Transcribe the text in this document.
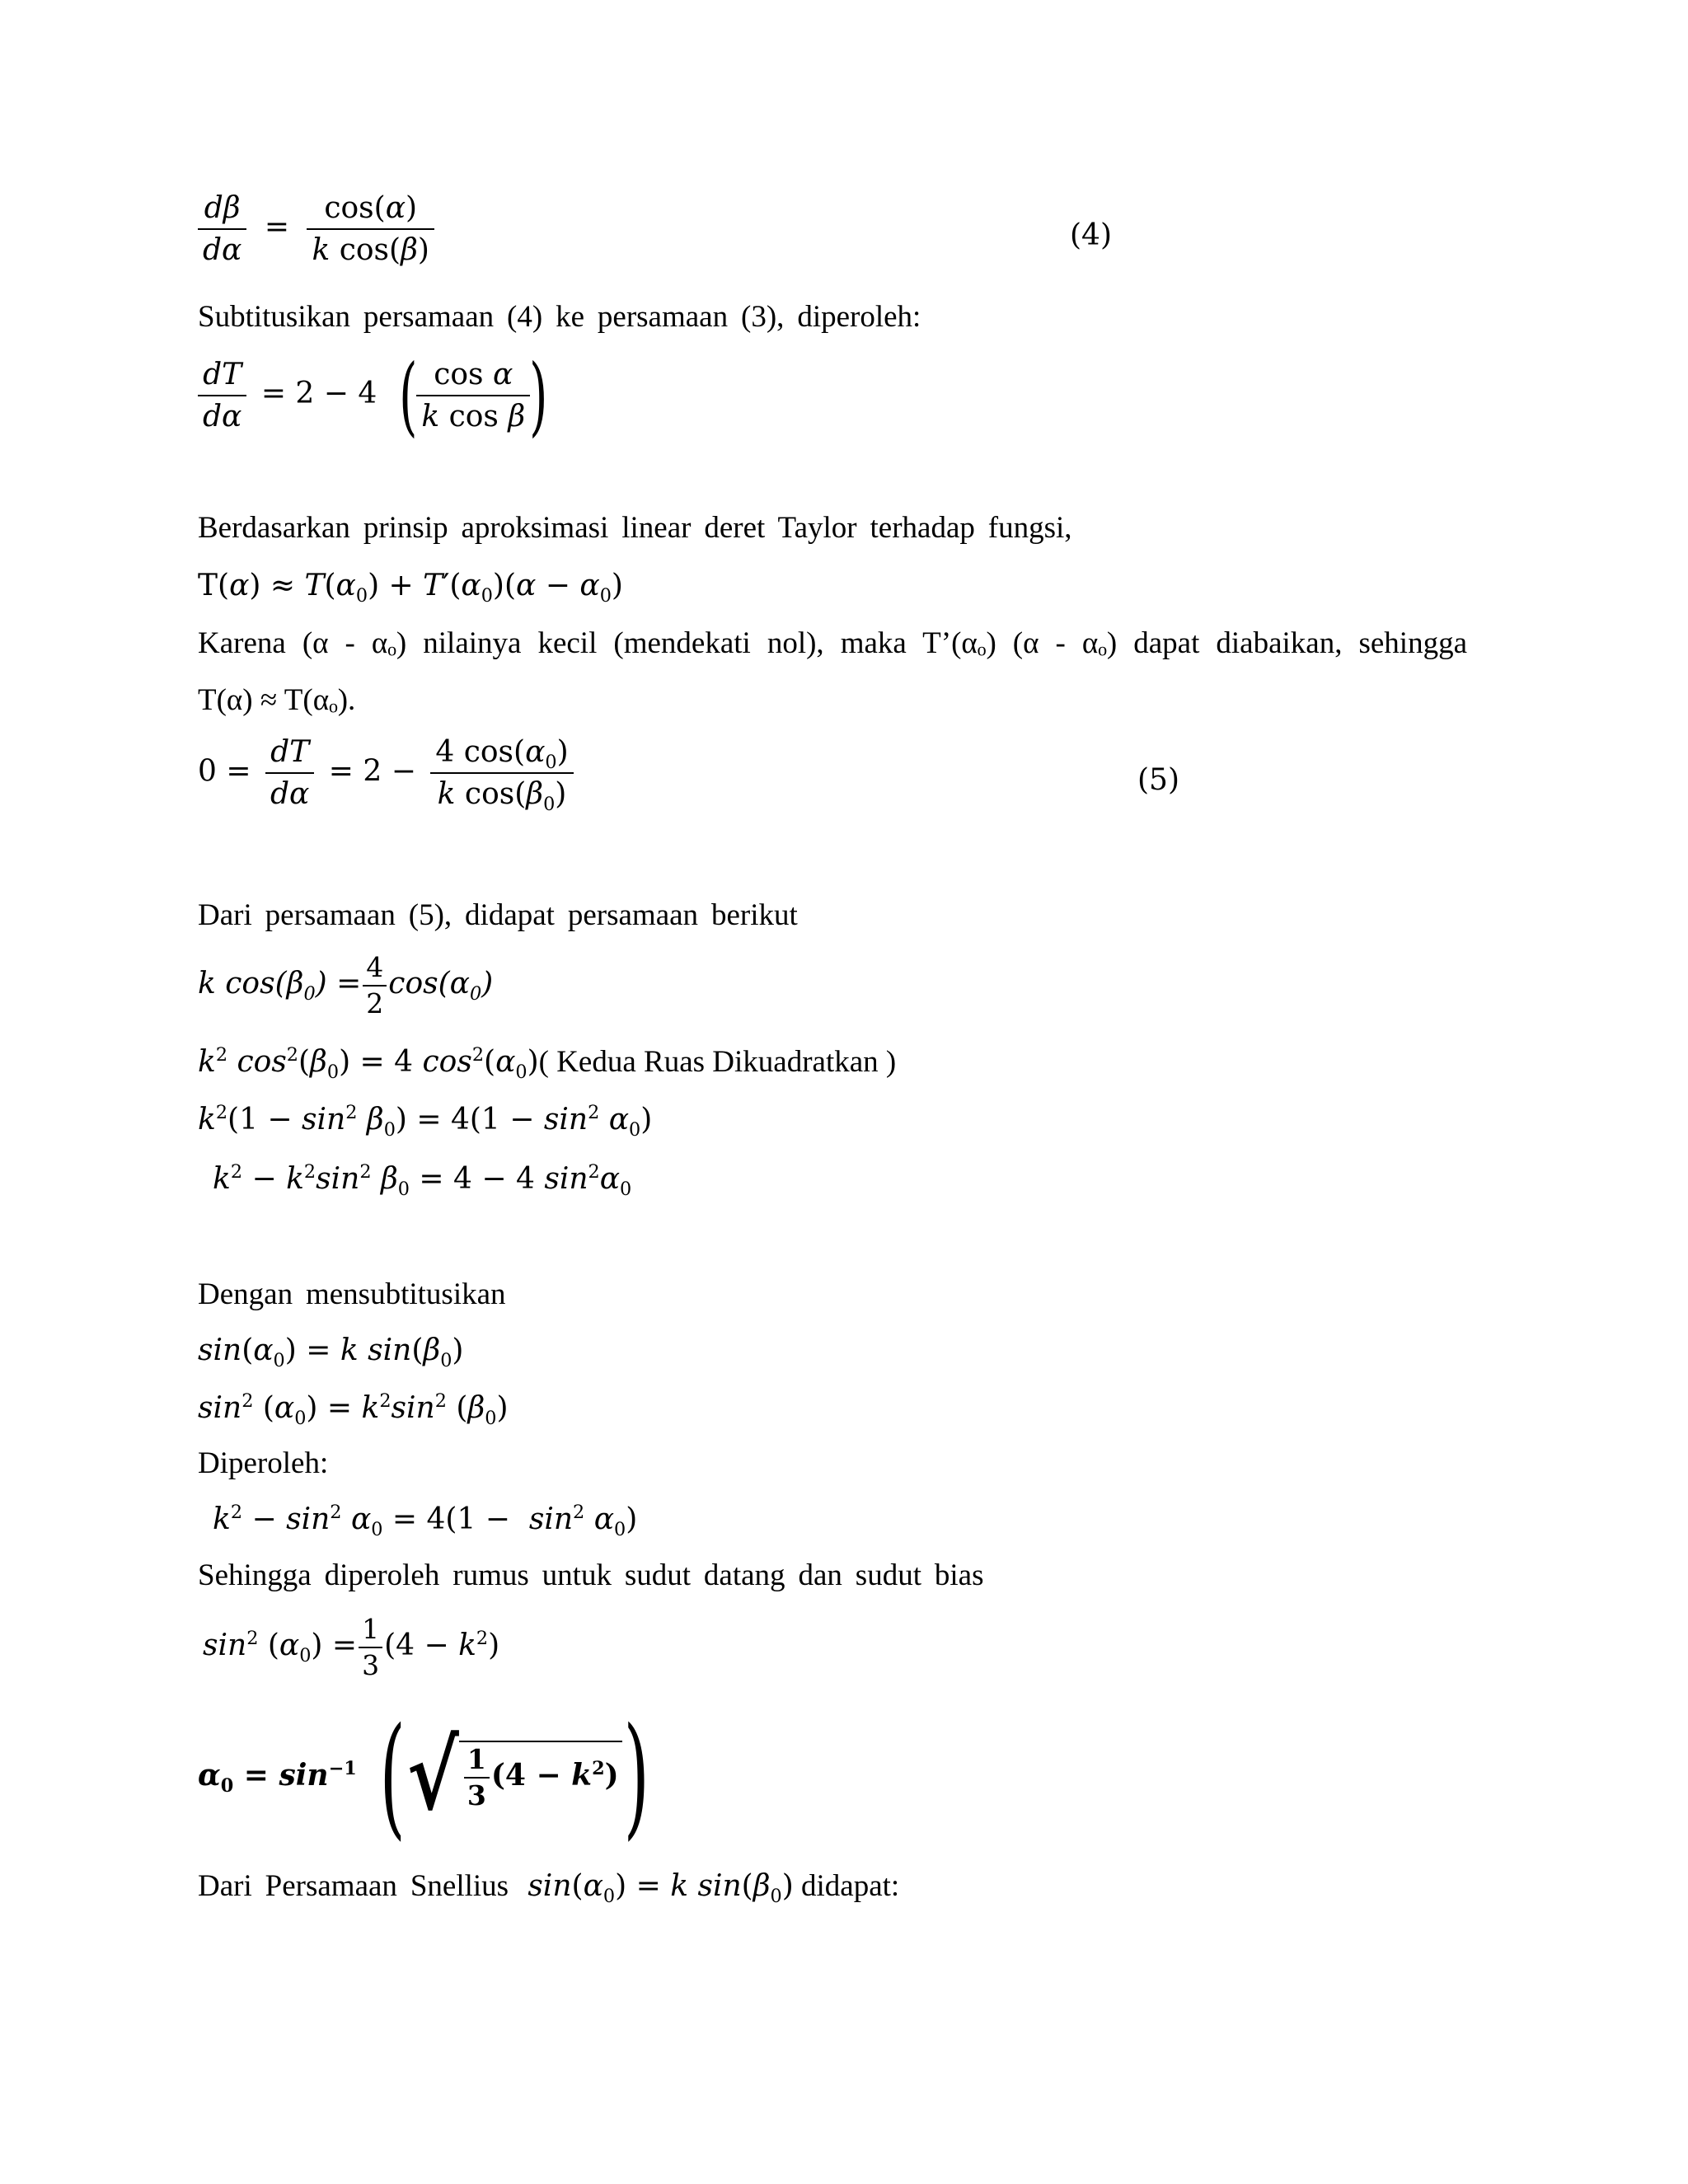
$\frac{d\beta}{d\alpha} = \frac{\cos(\alpha)}{\text{k cos(β)}}$	(4)
Subtitusikan persamaan (4) ke persamaan (3), diperoleh:
$\frac{dT}{d\alpha} = 2 - 4$ ( $\frac{\text{cos α}}{\text{k cos β}}$ )
Berdasarkan prinsip aproksimasi linear deret Taylor terhadap fungsi,
$T(\alpha) \approx T(\alpha_0) + T'(\alpha_0)(\alpha - \alpha_0)$
Karena (α - αₒ) nilainya kecil (mendekati nol), maka T’(αₒ) (α - αₒ) dapat diabaikan, sehingga
T(α) ≈ T(αₒ).
$0 = \frac{dT}{d\alpha} = 2 - \frac{4 \cos(\alpha_0)}{k \cos(\beta_0)}$	(5)
Dari persamaan (5), didapat persamaan berikut
k $\cos(\beta_0) = \frac{4}{2} \cos(\alpha_0)$
$k^2$ $\cos^2(\beta_0) = 4$ $\cos^2(\alpha_0)$( Kedua Ruas Dikuadratkan )
$k^2(1 - \sin^2 \beta_0) = 4(1 - \sin^2 \alpha_0)$
$k^2 - k^2\sin^2$ $\beta_0 = 4 - 4$ $\sin^2\alpha_0$
Dengan mensubtitusikan
$\sin(\alpha_0) = k$ $\sin(\beta_0)$
$\sin^2 (\alpha_0) = k^2\sin^2$ $(\beta_0)$
Diperoleh:
$k^2 - \sin^2 \alpha_0 = 4(1 - \sin^2 \alpha_0)$
Sehingga diperoleh rumus untuk sudut datang dan sudut bias
$\sin^2 (\alpha_0) = \frac{1}{3} (4 - k^2)$
$\alpha_0 = \sin^{-1}$ (√ $\frac{1}{3} (4 - k^2)$)
Dari Persamaan Snellius $\sin(\alpha_0) = k$ $\sin(\beta_0)$ didapat:
